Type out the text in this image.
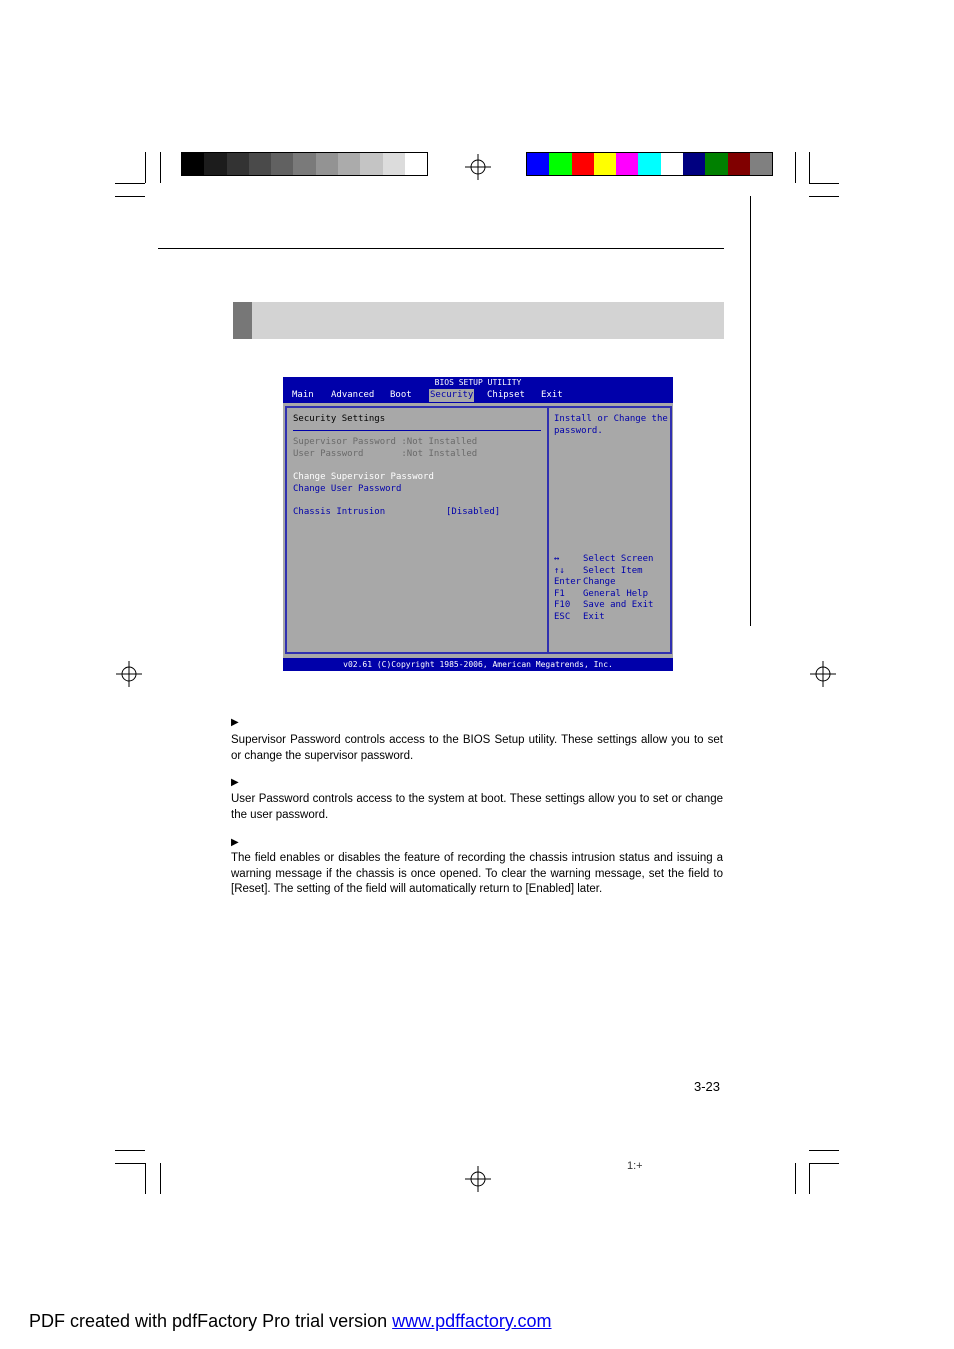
BIOS SETUP UTILITY
Main Advanced Boot Security Chipset Exit
Security Settings
Supervisor Password :Not Installed
User Password       :Not Installed
Change Supervisor Password
Change User Password
Chassis Intrusion	[Disabled]
Install or Change the
password.
↔	Select Screen
↑↓ Select Item
Enter Change
F1 General Help
F10 Save and Exit
ESC Exit
v02.61 (C)Copyright 1985-2006, American Megatrends, Inc.
▶
Supervisor Password controls access to the BIOS Setup utility. These settings allow you to set or change the supervisor password.
▶
User Password controls access to the system at boot. These settings allow you to set or change the user password.
▶
The field enables or disables the feature of recording the chassis intrusion status and issuing a warning message if the chassis is once opened. To clear the warning message, set the field to [Reset]. The setting of the field will automatically return to [Enabled] later.
3-23
1:+
PDF created with pdfFactory Pro trial version www.pdffactory.com
